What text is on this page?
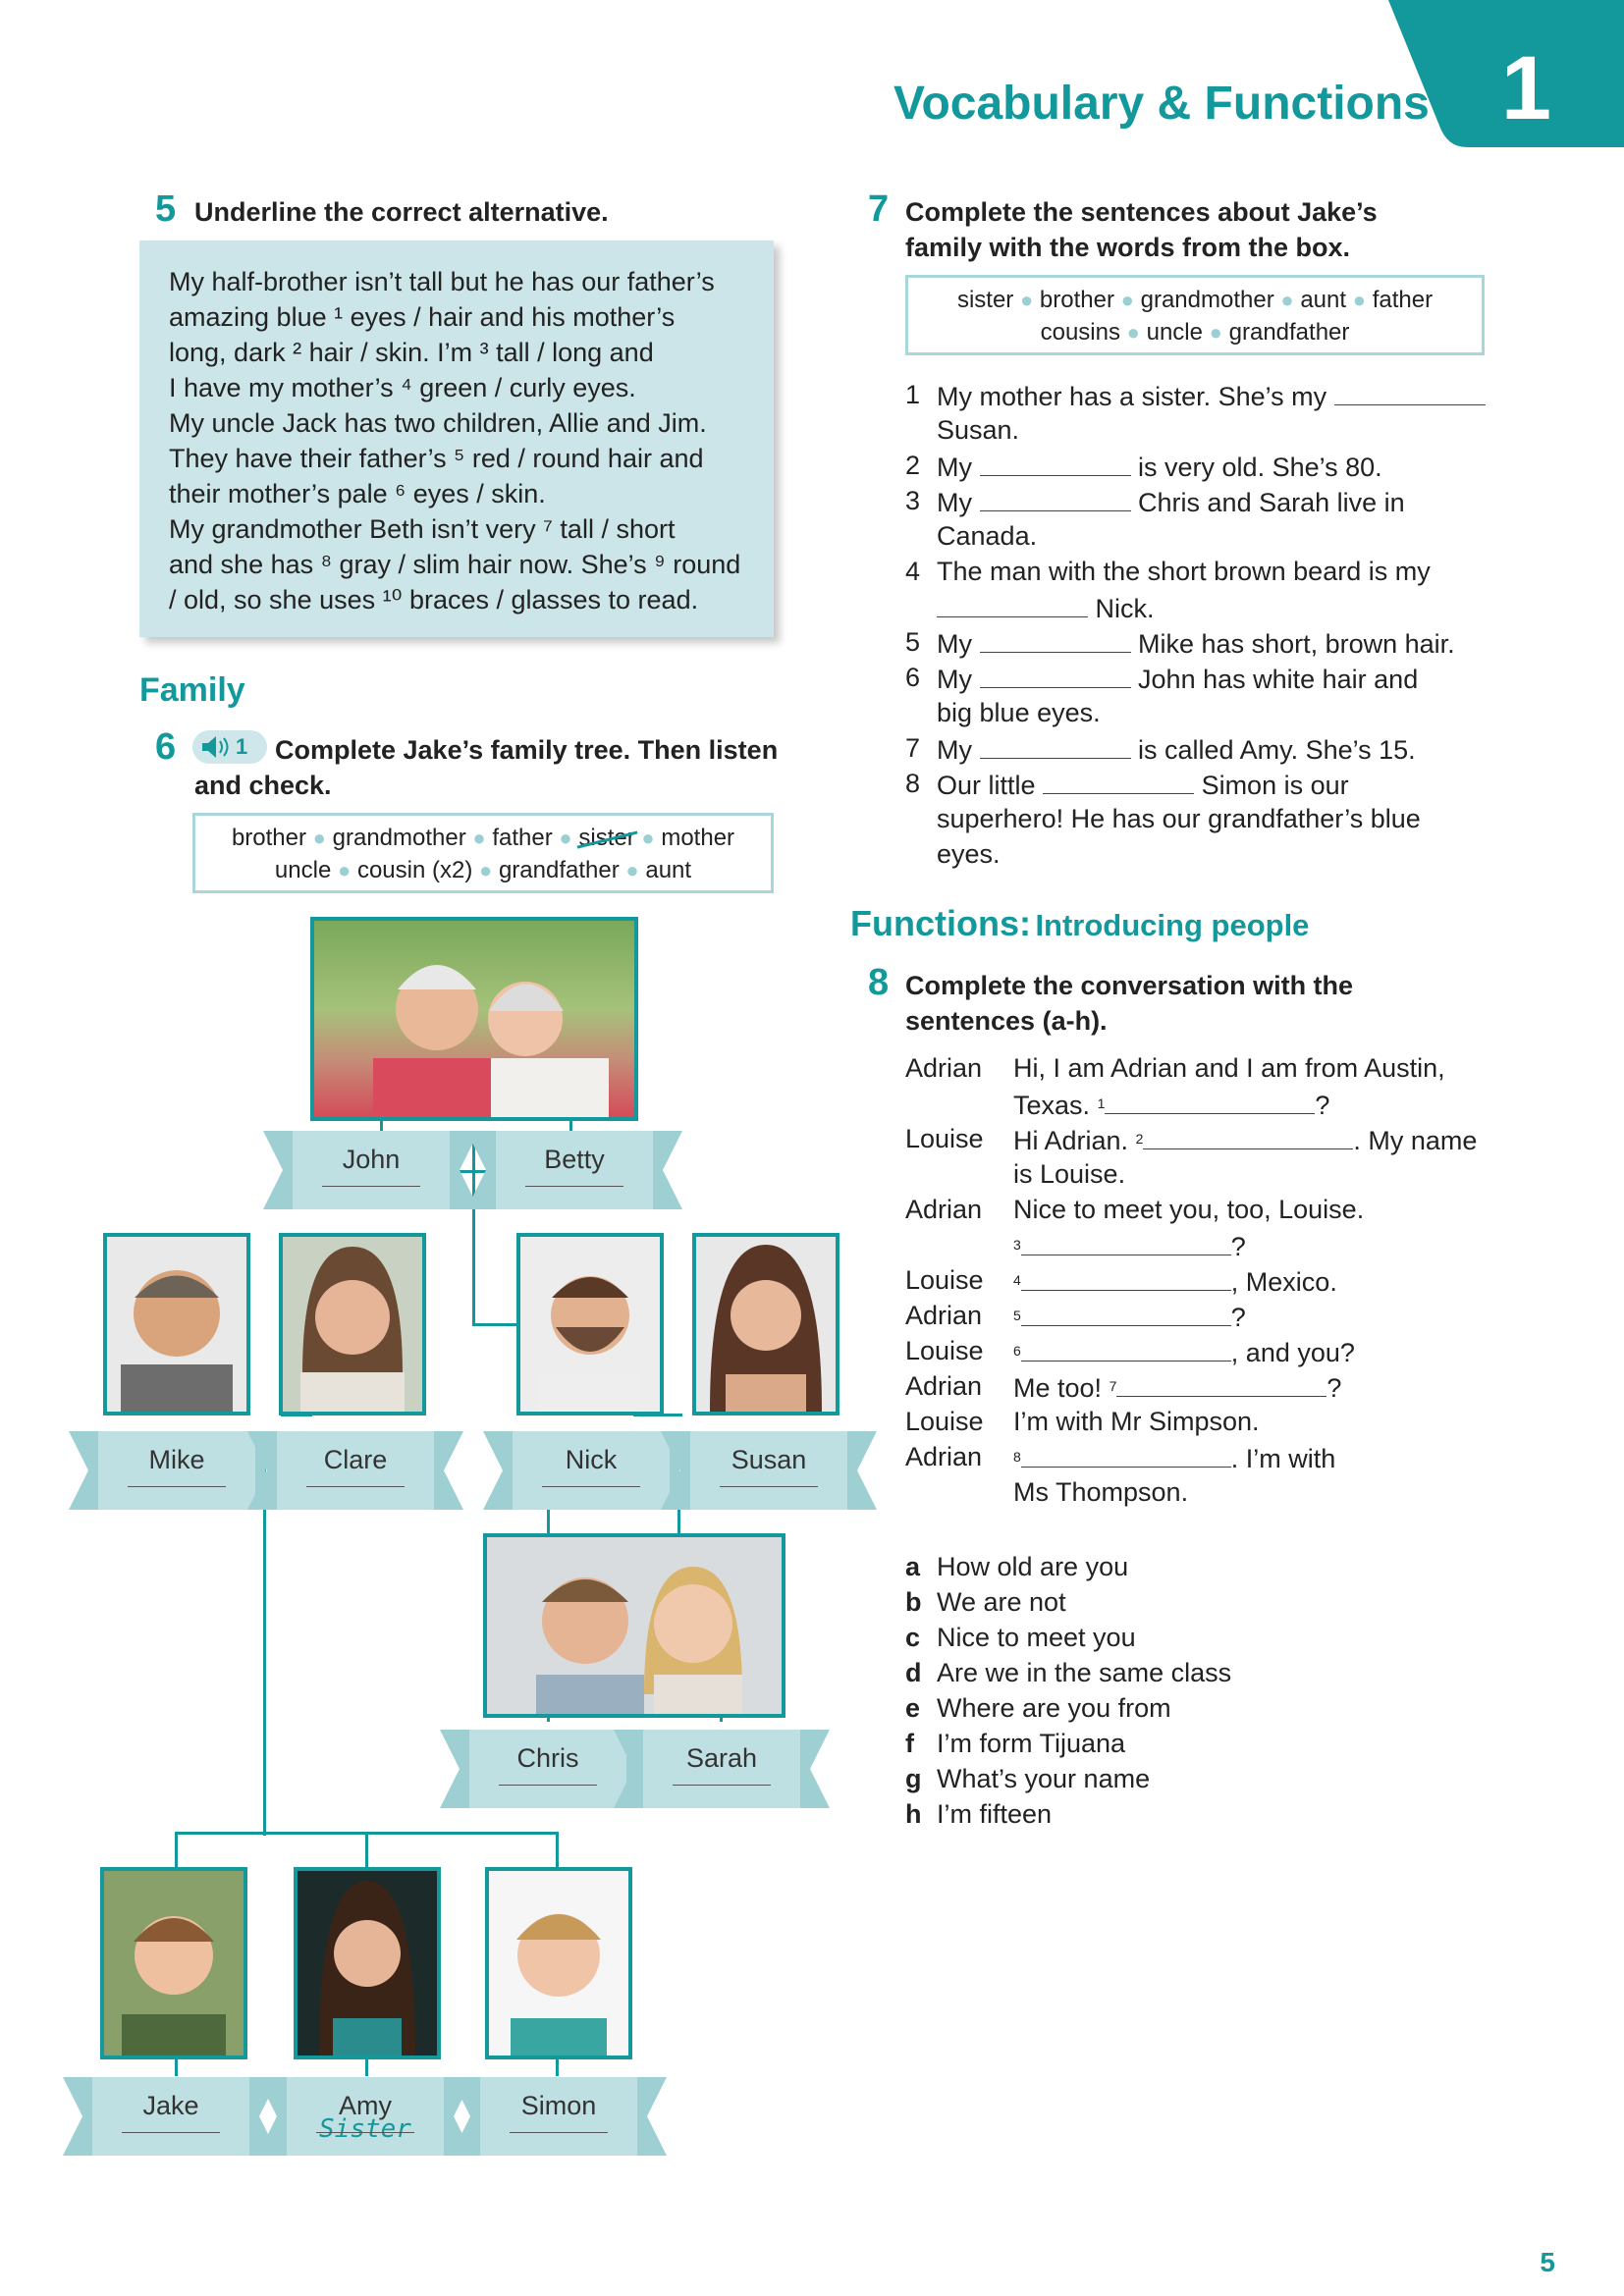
Vocabulary & Functions 1
5 Underline the correct alternative.
My half-brother isn’t tall but he has our father’s
amazing blue ¹ eyes / hair and his mother’s
long, dark ² hair / skin. I’m ³ tall / long and
I have my mother’s ⁴ green / curly eyes.
My uncle Jack has two children, Allie and Jim.
They have their father’s ⁵ red / round hair and
their mother’s pale ⁶ eyes / skin.
My grandmother Beth isn’t very ⁷ tall / short
and she has ⁸ gray / slim hair now. She’s ⁹ round
/ old, so she uses ¹⁰ braces / glasses to read.
Family
6	1 Complete Jake’s family tree. Then listen
and check.
brother ● grandmother ● father ● sister ● mother
uncle ● cousin (x2) ● grandfather ● aunt
John	Betty
Mike	Clare	Nick	Susan
Chris	Sarah
Jake	Amy
Sister
Simon
7 Complete the sentences about Jake’s
family with the words from the box.
sister ● brother ● grandmother ● aunt ● father
cousins ● uncle ● grandfather
1 My mother has a sister. She’s my
Susan.
2 My	is very old. She’s 80.
3 My	Chris and Sarah live in
Canada.
4 The man with the short brown beard is my
Nick.
5 My	Mike has short, brown hair.
6 My	John has white hair and
big blue eyes.
7 My	is called Amy. She’s 15.
8 Our little	Simon is our
superhero! He has our grandfather’s blue
eyes.
Functions: Introducing people
8 Complete the conversation with the
sentences (a-h).
Adrian Hi, I am Adrian and I am from Austin,
Texas. $^1$	?
Louise Hi Adrian. $^2$	. My name
is Louise.
Adrian Nice to meet you, too, Louise.
$^3$	?
Louise $^4$	, Mexico.
Adrian $^5$	?
Louise $^6$	, and you?
Adrian Me too! $^7$	?
Louise I’m with Mr Simpson.
Adrian $^8$	. I’m with
Ms Thompson.
a How old are you
b We are not
c Nice to meet you
d Are we in the same class
e Where are you from
f I’m form Tijuana
g What’s your name
h I’m fifteen
5
